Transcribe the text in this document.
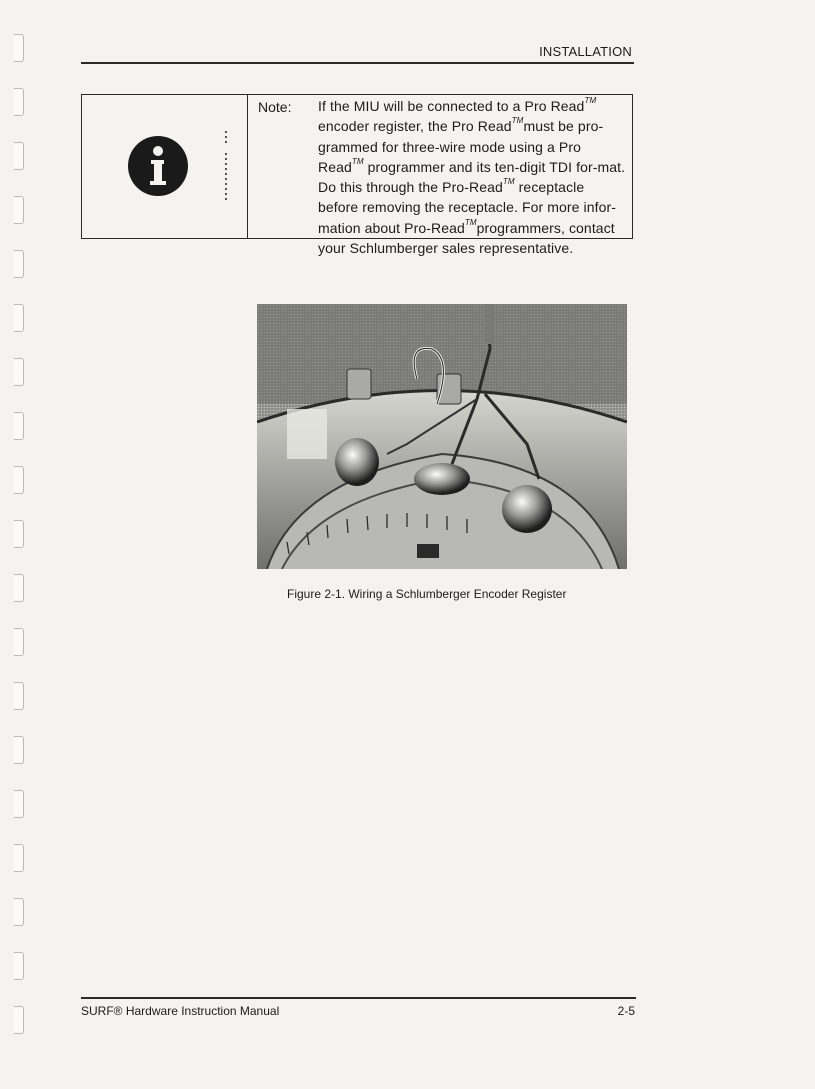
INSTALLATION
Note: If the MIU will be connected to a Pro Read™ encoder register, the Pro Read™must be pro-grammed for three-wire mode using a Pro Read™ programmer and its ten-digit TDI for-mat. Do this through the Pro-Read™ receptacle before removing the receptacle. For more infor-mation about Pro-Read™programmers, contact your Schlumberger sales representative.
Figure 2-1. Wiring a Schlumberger Encoder Register
SURF® Hardware Instruction Manual	2-5
